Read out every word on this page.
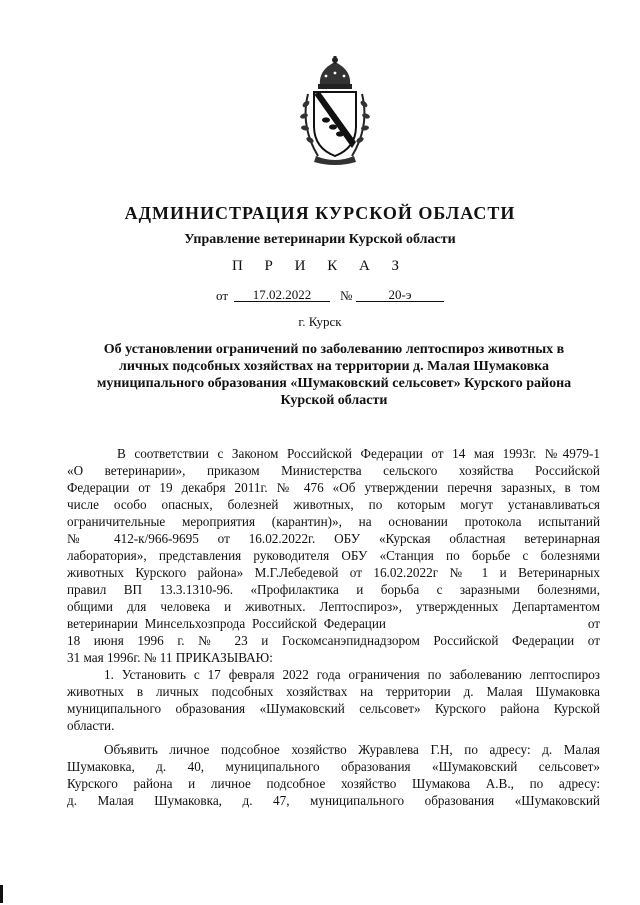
АДМИНИСТРАЦИЯ КУРСКОЙ ОБЛАСТИ
Управление ветеринарии Курской области
П Р И К А З
от	17.02.2022	№	20-э
г. Курск
Об установлении ограничений по заболеванию лептоспироз животных в
личных подсобных хозяйствах на территории д. Малая Шумаковка
муниципального образования «Шумаковский сельсовет» Курского района
Курской области
В соответствии с Законом Российской Федерации от 14 мая 1993г. №4979-1
«О ветеринарии», приказом Министерства сельского хозяйства Российской
Федерации от 19 декабря 2011г. № 476 «Об утверждении перечня заразных, в том
числе особо опасных, болезней животных, по которым могут устанавливаться
ограничительные мероприятия (карантин)», на основании протокола испытаний
№ 412-к/966-9695 от 16.02.2022г. ОБУ «Курская областная ветеринарная
лаборатория», представления руководителя ОБУ «Станция по борьбе с болезнями
животных Курского района» М.Г.Лебедевой от 16.02.2022г № 1 и Ветеринарных
правил ВП 13.3.1310-96. «Профилактика и борьба с заразными болезнями,
общими для человека и животных. Лептоспироз», утвержденных Департаментом
ветеринарии Минсельхозпрода Российской Федерации                              от
18 июня 1996 г. № 23 и Госкомсанэпиднадзором Российской Федерации от
31 мая 1996г. № 11 ПРИКАЗЫВАЮ:
1. Установить с 17 февраля 2022 года ограничения по заболеванию лептоспироз
животных в личных подсобных хозяйствах на территории д. Малая Шумаковка
муниципального образования «Шумаковский сельсовет» Курского района Курской
области.
Объявить личное подсобное хозяйство Журавлева Г.Н, по адресу: д. Малая
Шумаковка, д. 40, муниципального образования «Шумаковский сельсовет»
Курского района и личное подсобное хозяйство Шумакова А.В., по адресу:
д. Малая Шумаковка, д. 47, муниципального образования «Шумаковский
